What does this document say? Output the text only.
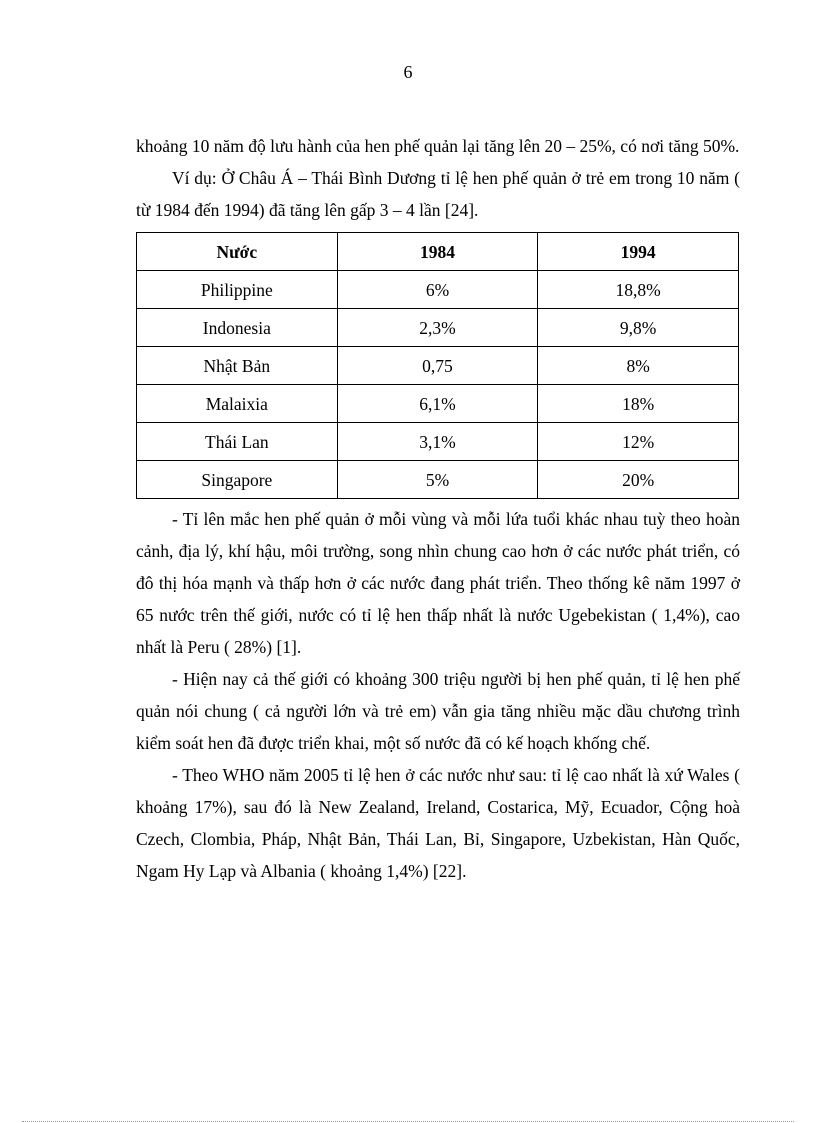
6

khoảng 10 năm độ lưu hành của hen phế quản lại tăng lên 20 – 25%, có nơi tăng 50%.

Ví dụ: Ở Châu Á – Thái Bình Dương tỉ lệ hen phế quản ở trẻ em trong 10 năm ( từ 1984 đến 1994) đã tăng lên gấp 3 – 4 lần [24].

Nước	1984	1994
Philippine	6%	18,8%
Indonesia	2,3%	9,8%
Nhật Bản	0,75	8%
Malaixia	6,1%	18%
Thái Lan	3,1%	12%
Singapore	5%	20%

- Tỉ lên mắc hen phế quản ở mỗi vùng và mỗi lứa tuổi khác nhau tuỳ theo hoàn cảnh, địa lý, khí hậu, môi trường, song nhìn chung cao hơn ở các nước phát triển, có đô thị hóa mạnh và thấp hơn ở các nước đang phát triển. Theo thống kê năm 1997 ở 65 nước trên thế giới, nước có tỉ lệ hen thấp nhất là nước Ugebekistan ( 1,4%), cao nhất là Peru ( 28%) [1].

- Hiện nay cả thế giới có khoảng 300 triệu người bị hen phế quản, tỉ lệ hen phế quản nói chung ( cả người lớn và trẻ em) vẫn gia tăng nhiều mặc dầu chương trình kiểm soát hen đã được triển khai, một số nước đã có kế hoạch khống chế.

- Theo WHO năm 2005 tỉ lệ hen ở các nước như sau: tỉ lệ cao nhất là xứ Wales ( khoảng 17%), sau đó là New Zealand, Ireland, Costarica, Mỹ, Ecuador, Cộng hoà Czech, Clombia, Pháp, Nhật Bản, Thái Lan, Bỉ, Singapore, Uzbekistan, Hàn Quốc, Ngam Hy Lạp và Albania ( khoảng 1,4%) [22].
